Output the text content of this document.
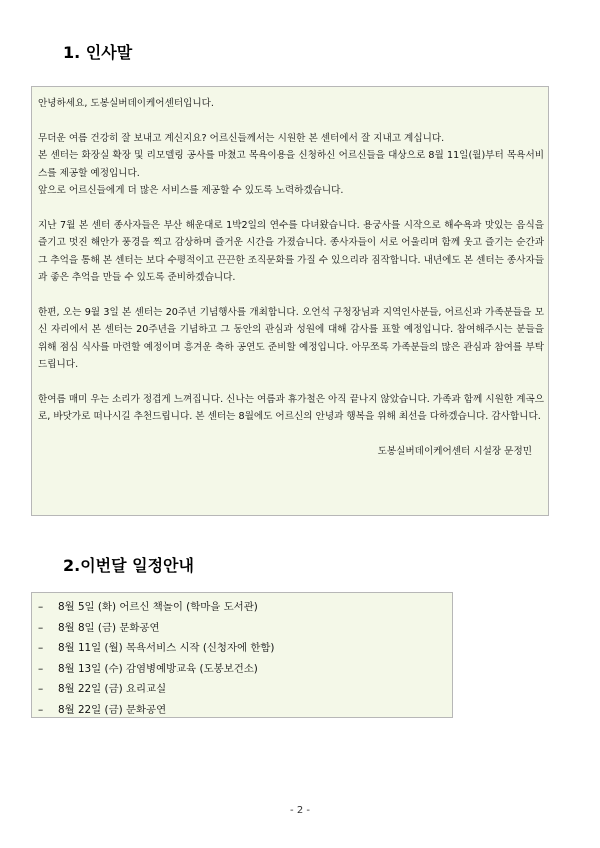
1. 인사말

안녕하세요, 도봉실버데이케어센터입니다.

무더운 여름 건강히 잘 보내고 계신지요? 어르신들께서는 시원한 본 센터에서 잘 지내고 계십니다.

본 센터는 화장실 확장 및 리모델링 공사를 마쳤고 목욕이용을 신청하신 어르신들을 대상으로 8월 11일(월)부터 목욕서비스를 제공할 예정입니다.

앞으로 어르신들에게 더 많은 서비스를 제공할 수 있도록 노력하겠습니다.

지난 7월 본 센터 종사자들은 부산 해운대로 1박2일의 연수를 다녀왔습니다. 용궁사를 시작으로 해수욕과 맛있는 음식을 즐기고 멋진 해안가 풍경을 찍고 감상하며 즐거운 시간을 가졌습니다. 종사자들이 서로 어울리며 함께 웃고 즐기는 순간과 그 추억을 통해 본 센터는 보다 수평적이고 끈끈한 조직문화를 가질 수 있으리라 짐작합니다. 내년에도 본 센터는 종사자들과 좋은 추억을 만들 수 있도록 준비하겠습니다.

한편, 오는 9월 3일 본 센터는 20주년 기념행사를 개최합니다. 오언석 구청장님과 지역인사분들, 어르신과 가족분들을 모신 자리에서 본 센터는 20주년을 기념하고 그 동안의 관심과 성원에 대해 감사를 표할 예정입니다. 참여해주시는 분들을 위해 점심 식사를 마련할 예정이며 흥겨운 축하 공연도 준비할 예정입니다. 아무쪼록 가족분들의 많은 관심과 참여를 부탁드립니다.

한여름 매미 우는 소리가 정겹게 느껴집니다. 신나는 여름과 휴가철은 아직 끝나지 않았습니다. 가족과 함께 시원한 계곡으로, 바닷가로 떠나시길 추천드립니다. 본 센터는 8월에도 어르신의 안녕과 행복을 위해 최선을 다하겠습니다. 감사합니다.

도봉실버데이케어센터 시설장 문정민

2.이번달 일정안내
– 8월 5일 (화) 어르신 책놀이 (학마을 도서관)
– 8월 8일 (금) 문화공연
– 8월 11일 (월) 목욕서비스 시작 (신청자에 한함)
– 8월 13일 (수) 감염병예방교육 (도봉보건소)
– 8월 22일 (금) 요리교실
– 8월 22일 (금) 문화공연
- 2 -
